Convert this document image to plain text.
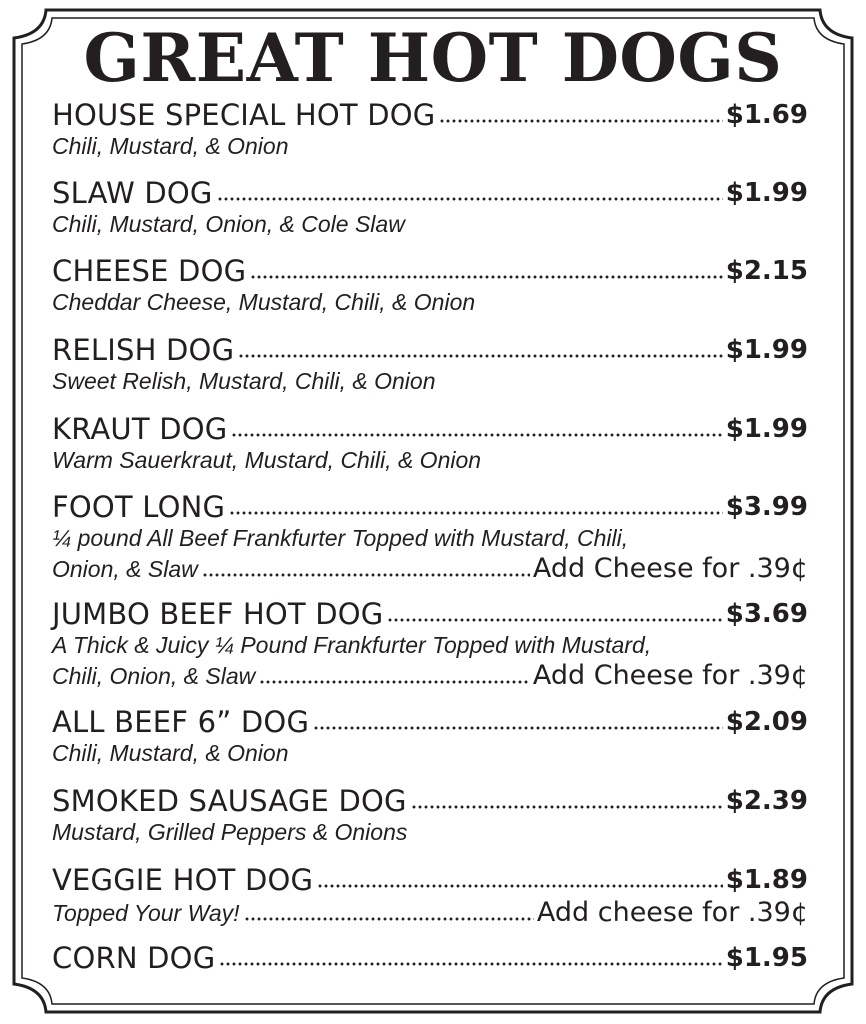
GREAT HOT DOGS
HOUSE SPECIAL HOT DOG	$1.69
Chili, Mustard, & Onion
SLAW DOG	$1.99
Chili, Mustard, Onion, & Cole Slaw
CHEESE DOG	$2.15
Cheddar Cheese, Mustard, Chili, & Onion
RELISH DOG	$1.99
Sweet Relish, Mustard, Chili, & Onion
KRAUT DOG	$1.99
Warm Sauerkraut, Mustard, Chili, & Onion
FOOT LONG	$3.99
¼ pound All Beef Frankfurter Topped with Mustard, Chili,
Onion, & Slaw	Add Cheese for .39¢
JUMBO BEEF HOT DOG	$3.69
A Thick & Juicy ¼ Pound Frankfurter Topped with Mustard,
Chili, Onion, & Slaw	Add Cheese for .39¢
ALL BEEF 6” DOG	$2.09
Chili, Mustard, & Onion
SMOKED SAUSAGE DOG	$2.39
Mustard, Grilled Peppers & Onions
VEGGIE HOT DOG	$1.89
Topped Your Way!	Add cheese for .39¢
CORN DOG	$1.95
